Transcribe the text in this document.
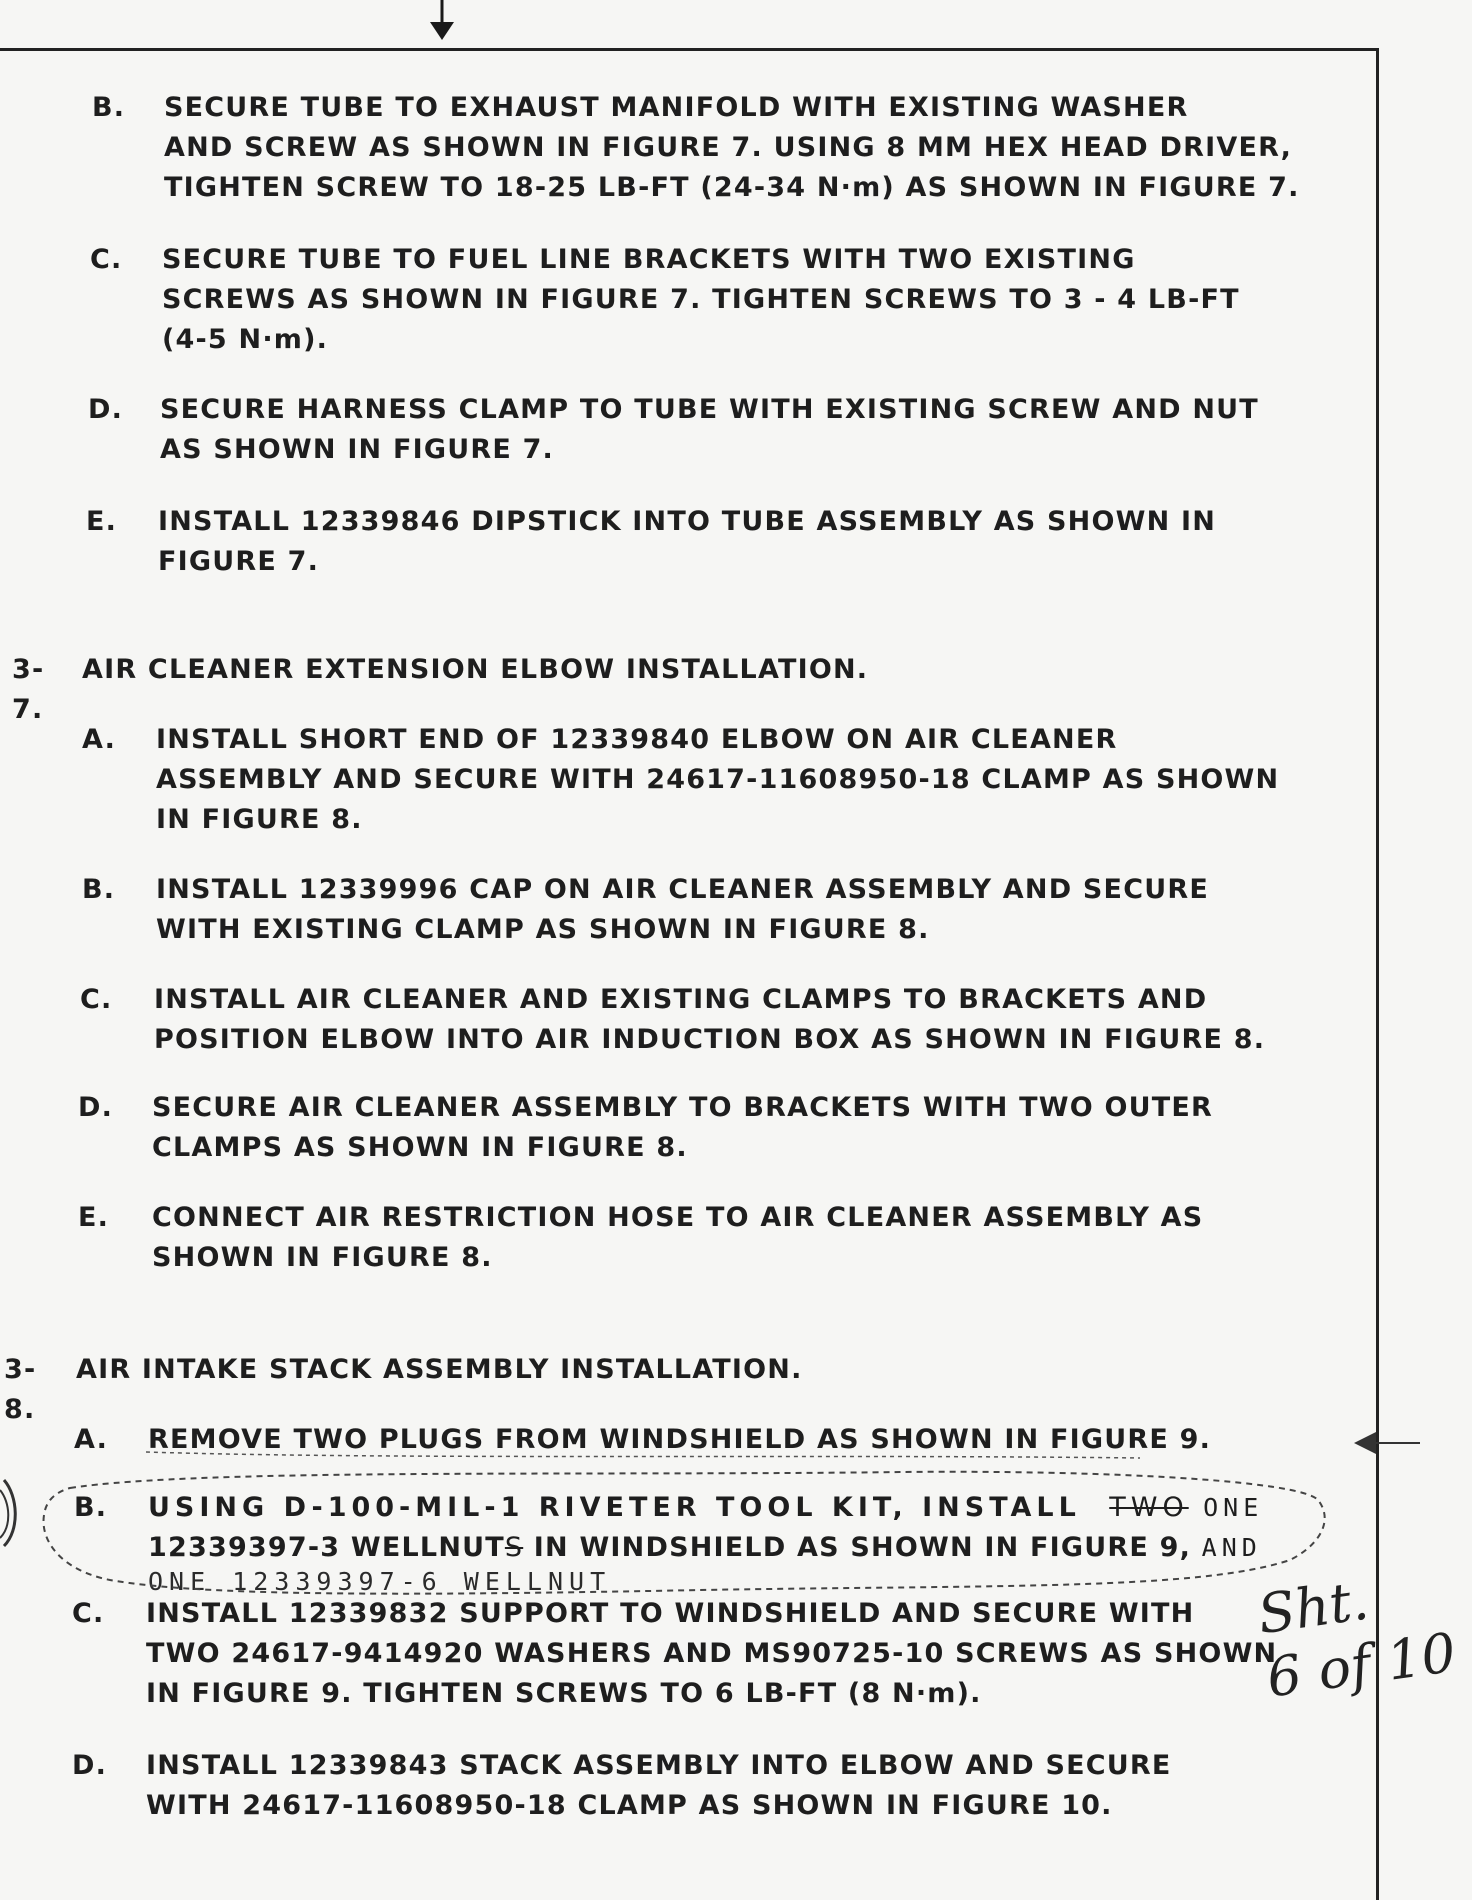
B. SECURE TUBE TO EXHAUST MANIFOLD WITH EXISTING WASHER
AND SCREW AS SHOWN IN FIGURE 7. USING 8 MM HEX HEAD DRIVER,
TIGHTEN SCREW TO 18-25 LB-FT (24-34 N·m) AS SHOWN IN FIGURE 7.
C. SECURE TUBE TO FUEL LINE BRACKETS WITH TWO EXISTING
SCREWS AS SHOWN IN FIGURE 7. TIGHTEN SCREWS TO 3 - 4 LB-FT
(4-5 N·m).
D. SECURE HARNESS CLAMP TO TUBE WITH EXISTING SCREW AND NUT
AS SHOWN IN FIGURE 7.
E. INSTALL 12339846 DIPSTICK INTO TUBE ASSEMBLY AS SHOWN IN
FIGURE 7.
3-7.
AIR CLEANER EXTENSION ELBOW INSTALLATION.
A. INSTALL SHORT END OF 12339840 ELBOW ON AIR CLEANER
ASSEMBLY AND SECURE WITH 24617-11608950-18 CLAMP AS SHOWN
IN FIGURE 8.
B. INSTALL 12339996 CAP ON AIR CLEANER ASSEMBLY AND SECURE
WITH EXISTING CLAMP AS SHOWN IN FIGURE 8.
C. INSTALL AIR CLEANER AND EXISTING CLAMPS TO BRACKETS AND
POSITION ELBOW INTO AIR INDUCTION BOX AS SHOWN IN FIGURE 8.
D. SECURE AIR CLEANER ASSEMBLY TO BRACKETS WITH TWO OUTER
CLAMPS AS SHOWN IN FIGURE 8.
E. CONNECT AIR RESTRICTION HOSE TO AIR CLEANER ASSEMBLY AS
SHOWN IN FIGURE 8.
3-8.
AIR INTAKE STACK ASSEMBLY INSTALLATION.
A. REMOVE TWO PLUGS FROM WINDSHIELD AS SHOWN IN FIGURE 9.
B. USING D-100-MIL-1 RIVETER TOOL KIT, INSTALL TWO ONE
12339397-3 WELLNUTS IN WINDSHIELD AS SHOWN IN FIGURE 9, AND
ONE 12339397-6 WELLNUT
C. INSTALL 12339832 SUPPORT TO WINDSHIELD AND SECURE WITH
TWO 24617-9414920 WASHERS AND MS90725-10 SCREWS AS SHOWN
IN FIGURE 9. TIGHTEN SCREWS TO 6 LB-FT (8 N·m).
D. INSTALL 12339843 STACK ASSEMBLY INTO ELBOW AND SECURE
WITH 24617-11608950-18 CLAMP AS SHOWN IN FIGURE 10.
Sht.
6 of 10
